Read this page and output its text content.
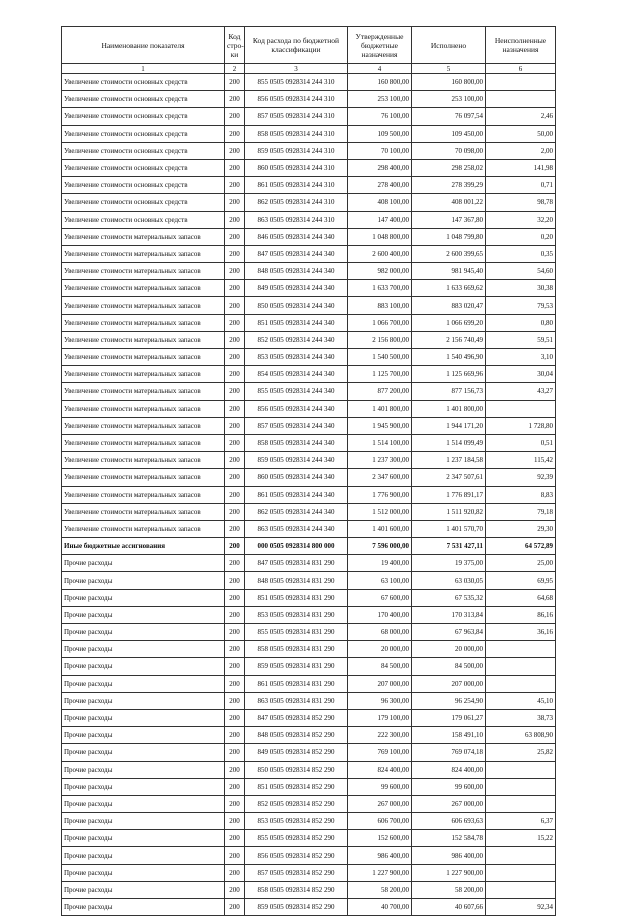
Наименование показателя	Код стро-ки	Код расхода по бюджетной классификации	Утвержденные бюджетные назначения	Исполнено	Неисполненные назначения
1	2	3	4	5	6
Увеличение стоимости основных средств	200	855 0505 0928314 244 310	160 800,00	160 800,00	
Увеличение стоимости основных средств	200	856 0505 0928314 244 310	253 100,00	253 100,00	
Увеличение стоимости основных средств	200	857 0505 0928314 244 310	76 100,00	76 097,54	2,46
Увеличение стоимости основных средств	200	858 0505 0928314 244 310	109 500,00	109 450,00	50,00
Увеличение стоимости основных средств	200	859 0505 0928314 244 310	70 100,00	70 098,00	2,00
Увеличение стоимости основных средств	200	860 0505 0928314 244 310	298 400,00	298 258,02	141,98
Увеличение стоимости основных средств	200	861 0505 0928314 244 310	278 400,00	278 399,29	0,71
Увеличение стоимости основных средств	200	862 0505 0928314 244 310	408 100,00	408 001,22	98,78
Увеличение стоимости основных средств	200	863 0505 0928314 244 310	147 400,00	147 367,80	32,20
Увеличение стоимости материальных запасов	200	846 0505 0928314 244 340	1 048 800,00	1 048 799,80	0,20
Увеличение стоимости материальных запасов	200	847 0505 0928314 244 340	2 600 400,00	2 600 399,65	0,35
Увеличение стоимости материальных запасов	200	848 0505 0928314 244 340	982 000,00	981 945,40	54,60
Увеличение стоимости материальных запасов	200	849 0505 0928314 244 340	1 633 700,00	1 633 669,62	30,38
Увеличение стоимости материальных запасов	200	850 0505 0928314 244 340	883 100,00	883 020,47	79,53
Увеличение стоимости материальных запасов	200	851 0505 0928314 244 340	1 066 700,00	1 066 699,20	0,80
Увеличение стоимости материальных запасов	200	852 0505 0928314 244 340	2 156 800,00	2 156 740,49	59,51
Увеличение стоимости материальных запасов	200	853 0505 0928314 244 340	1 540 500,00	1 540 496,90	3,10
Увеличение стоимости материальных запасов	200	854 0505 0928314 244 340	1 125 700,00	1 125 669,96	30,04
Увеличение стоимости материальных запасов	200	855 0505 0928314 244 340	877 200,00	877 156,73	43,27
Увеличение стоимости материальных запасов	200	856 0505 0928314 244 340	1 401 800,00	1 401 800,00	
Увеличение стоимости материальных запасов	200	857 0505 0928314 244 340	1 945 900,00	1 944 171,20	1 728,80
Увеличение стоимости материальных запасов	200	858 0505 0928314 244 340	1 514 100,00	1 514 099,49	0,51
Увеличение стоимости материальных запасов	200	859 0505 0928314 244 340	1 237 300,00	1 237 184,58	115,42
Увеличение стоимости материальных запасов	200	860 0505 0928314 244 340	2 347 600,00	2 347 507,61	92,39
Увеличение стоимости материальных запасов	200	861 0505 0928314 244 340	1 776 900,00	1 776 891,17	8,83
Увеличение стоимости материальных запасов	200	862 0505 0928314 244 340	1 512 000,00	1 511 920,82	79,18
Увеличение стоимости материальных запасов	200	863 0505 0928314 244 340	1 401 600,00	1 401 570,70	29,30
Иные бюджетные ассигнования	200	000 0505 0928314 800 000	7 596 000,00	7 531 427,11	64 572,89
Прочие расходы	200	847 0505 0928314 831 290	19 400,00	19 375,00	25,00
Прочие расходы	200	848 0505 0928314 831 290	63 100,00	63 030,05	69,95
Прочие расходы	200	851 0505 0928314 831 290	67 600,00	67 535,32	64,68
Прочие расходы	200	853 0505 0928314 831 290	170 400,00	170 313,84	86,16
Прочие расходы	200	855 0505 0928314 831 290	68 000,00	67 963,84	36,16
Прочие расходы	200	858 0505 0928314 831 290	20 000,00	20 000,00	
Прочие расходы	200	859 0505 0928314 831 290	84 500,00	84 500,00	
Прочие расходы	200	861 0505 0928314 831 290	207 000,00	207 000,00	
Прочие расходы	200	863 0505 0928314 831 290	96 300,00	96 254,90	45,10
Прочие расходы	200	847 0505 0928314 852 290	179 100,00	179 061,27	38,73
Прочие расходы	200	848 0505 0928314 852 290	222 300,00	158 491,10	63 808,90
Прочие расходы	200	849 0505 0928314 852 290	769 100,00	769 074,18	25,82
Прочие расходы	200	850 0505 0928314 852 290	824 400,00	824 400,00	
Прочие расходы	200	851 0505 0928314 852 290	99 600,00	99 600,00	
Прочие расходы	200	852 0505 0928314 852 290	267 000,00	267 000,00	
Прочие расходы	200	853 0505 0928314 852 290	606 700,00	606 693,63	6,37
Прочие расходы	200	855 0505 0928314 852 290	152 600,00	152 584,78	15,22
Прочие расходы	200	856 0505 0928314 852 290	986 400,00	986 400,00	
Прочие расходы	200	857 0505 0928314 852 290	1 227 900,00	1 227 900,00	
Прочие расходы	200	858 0505 0928314 852 290	58 200,00	58 200,00	
Прочие расходы	200	859 0505 0928314 852 290	40 700,00	40 607,66	92,34
